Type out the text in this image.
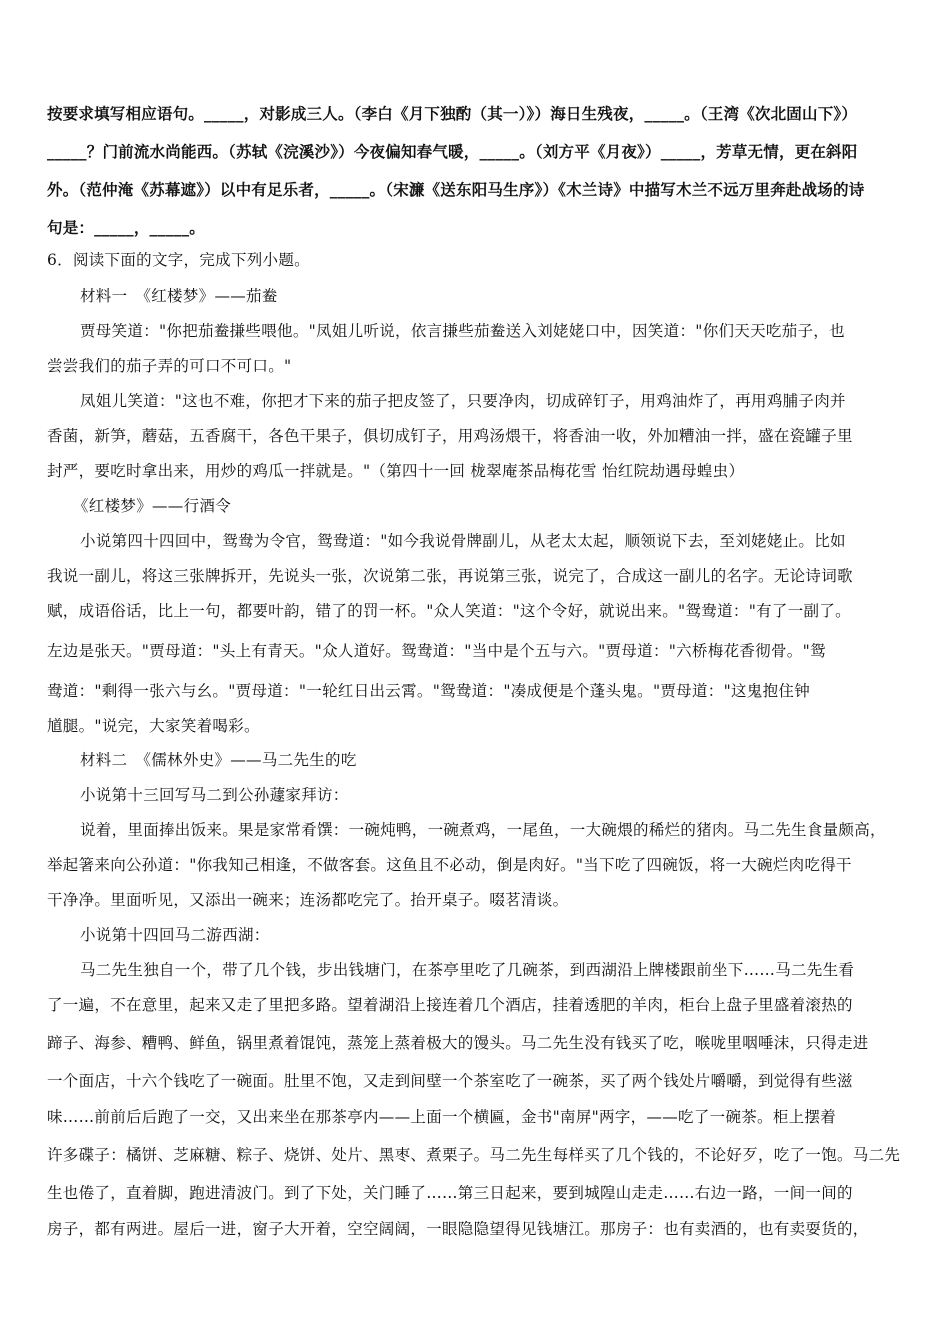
按要求填写相应语句。_____，对影成三人。（李白《月下独酌（其一）》）海日生残夜，_____。（王湾《次北固山下》）
_____？门前流水尚能西。（苏轼《浣溪沙》）今夜偏知春气暖，_____。（刘方平《月夜》）_____，芳草无情，更在斜阳
外。（范仲淹《苏幕遮》）以中有足乐者，_____。（宋濂《送东阳马生序》）《木兰诗》中描写木兰不远万里奔赴战场的诗
句是：_____，_____。
6．阅读下面的文字，完成下列小题。
材料一　《红楼梦》——茄鲞
贾母笑道："你把茄鲞搛些喂他。"凤姐儿听说，依言搛些茄鲞送入刘姥姥口中，因笑道："你们天天吃茄子，也
尝尝我们的茄子弄的可口不可口。"
凤姐儿笑道："这也不难，你把才下来的茄子把皮签了，只要净肉，切成碎钉子，用鸡油炸了，再用鸡脯子肉并
香菌，新笋，蘑菇，五香腐干，各色干果子，俱切成钉子，用鸡汤煨干，将香油一收，外加糟油一拌，盛在瓷罐子里
封严，要吃时拿出来，用炒的鸡瓜一拌就是。"（第四十一回 栊翠庵茶品梅花雪 怡红院劫遇母蝗虫）
《红楼梦》——行酒令
小说第四十四回中，鸳鸯为令官，鸳鸯道："如今我说骨牌副儿，从老太太起，顺领说下去，至刘姥姥止。比如
我说一副儿，将这三张牌拆开，先说头一张，次说第二张，再说第三张，说完了，合成这一副儿的名字。无论诗词歌
赋，成语俗话，比上一句，都要叶韵，错了的罚一杯。"众人笑道："这个令好，就说出来。"鸳鸯道："有了一副了。
左边是张天。"贾母道："头上有青天。"众人道好。鸳鸯道："当中是个五与六。"贾母道："六桥梅花香彻骨。"鸳
鸯道："剩得一张六与幺。"贾母道："一轮红日出云霄。"鸳鸯道："凑成便是个蓬头鬼。"贾母道："这鬼抱住钟
馗腿。"说完，大家笑着喝彩。
材料二　《儒林外史》——马二先生的吃
小说第十三回写马二到公孙蘧家拜访：
说着，里面捧出饭来。果是家常肴馔：一碗炖鸭，一碗煮鸡，一尾鱼，一大碗煨的稀烂的猪肉。马二先生食量颇高，
举起箸来向公孙道："你我知己相逢，不做客套。这鱼且不必动，倒是肉好。"当下吃了四碗饭，将一大碗烂肉吃得干
干净净。里面听见，又添出一碗来；连汤都吃完了。抬开桌子。啜茗清谈。
小说第十四回马二游西湖：
马二先生独自一个，带了几个钱，步出钱塘门，在茶亭里吃了几碗茶，到西湖沿上牌楼跟前坐下……马二先生看
了一遍，不在意里，起来又走了里把多路。望着湖沿上接连着几个酒店，挂着透肥的羊肉，柜台上盘子里盛着滚热的
蹄子、海参、糟鸭、鲜鱼，锅里煮着馄饨，蒸笼上蒸着极大的馒头。马二先生没有钱买了吃，喉咙里咽唾沫，只得走进
一个面店，十六个钱吃了一碗面。肚里不饱，又走到间壁一个茶室吃了一碗茶，买了两个钱处片嚼嚼，到觉得有些滋
味……前前后后跑了一交，又出来坐在那茶亭内——上面一个横匾，金书"南屏"两字，——吃了一碗茶。柜上摆着
许多碟子：橘饼、芝麻糖、粽子、烧饼、处片、黑枣、煮栗子。马二先生每样买了几个钱的，不论好歹，吃了一饱。马二先
生也倦了，直着脚，跑进清波门。到了下处，关门睡了……第三日起来，要到城隍山走走……右边一路，一间一间的
房子，都有两进。屋后一进，窗子大开着，空空阔阔，一眼隐隐望得见钱塘江。那房子：也有卖酒的，也有卖耍货的，
